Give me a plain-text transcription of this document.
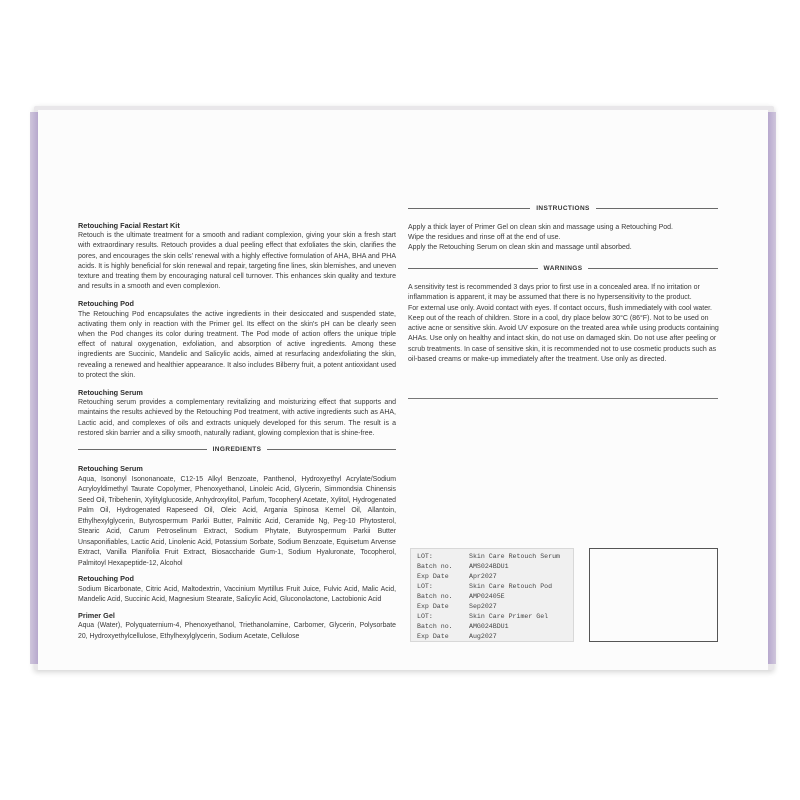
Retouching Facial Restart Kit
Retouch is the ultimate treatment for a smooth and radiant complexion, giving your skin a fresh start with extraordinary results. Retouch provides a dual peeling effect that exfoliates the skin, clarifies the pores, and encourages the skin cells' renewal with a highly effective formulation of AHA, BHA and PHA acids. It is highly beneficial for skin renewal and repair, targeting fine lines, skin blemishes, and uneven texture and treating them by encouraging natural cell turnover. This enhances skin quality and texture and results in a smooth and even complexion.
Retouching Pod
The Retouching Pod encapsulates the active ingredients in their desiccated and suspended state, activating them only in reaction with the Primer gel. Its effect on the skin's pH can be clearly seen when the Pod changes its color during treatment. The Pod mode of action offers the unique triple effect of natural oxygenation, exfoliation, and absorption of active ingredients. Among these ingredients are Succinic, Mandelic and Salicylic acids, aimed at resurfacing andexfoliating the skin, revealing a renewed and healthier appearance. It also includes Bilberry fruit, a potent antioxidant used to protect the skin.
Retouching Serum
Retouching serum provides a complementary revitalizing and moisturizing effect that supports and maintains the results achieved by the Retouching Pod treatment, with active ingredients such as AHA, Lactic acid, and complexes of oils and extracts uniquely developed for this serum. The result is a restored skin barrier and a silky smooth, naturally radiant, glowing complexion that is shine-free.
INGREDIENTS
Retouching Serum
Aqua, Isononyl Isononanoate, C12-15 Alkyl Benzoate, Panthenol, Hydroxyethyl Acrylate/Sodium Acryloyldimethyl Taurate Copolymer, Phenoxyethanol, Linoleic Acid, Glycerin, Simmondsia Chinensis Seed Oil, Tribehenin, Xylitylglucoside, Anhydroxylitol, Parfum, Tocopheryl Acetate, Xylitol, Hydrogenated Palm Oil, Hydrogenated Rapeseed Oil, Oleic Acid, Argania Spinosa Kernel Oil, Allantoin, Ethylhexylglycerin, Butyrospermum Parkii Butter, Palmitic Acid, Ceramide Ng, Peg-10 Phytosterol, Stearic Acid, Carum Petroselinum Extract, Sodium Phytate, Butyrospermum Parkii Butter Unsaponifiables, Lactic Acid, Linolenic Acid, Potassium Sorbate, Sodium Benzoate, Equisetum Arvense Extract, Vanilla Planifolia Fruit Extract, Biosaccharide Gum-1, Sodium Hyaluronate, Tocopherol, Palmitoyl Hexapeptide-12, Alcohol
Retouching Pod
Sodium Bicarbonate, Citric Acid, Maltodextrin, Vaccinium Myrtillus Fruit Juice, Fulvic Acid, Malic Acid, Mandelic Acid, Succinic Acid, Magnesium Stearate, Salicylic Acid, Gluconolactone, Lactobionic Acid
Primer Gel
Aqua (Water), Polyquaternium-4, Phenoxyethanol, Triethanolamine, Carbomer, Glycerin, Polysorbate 20, Hydroxyethylcellulose, Ethylhexylglycerin, Sodium Acetate, Cellulose
INSTRUCTIONS
Apply a thick layer of Primer Gel on clean skin and massage using a Retouching Pod.
Wipe the residues and rinse off at the end of use.
Apply the Retouching Serum on clean skin and massage until absorbed.
WARNINGS
A sensitivity test is recommended 3 days prior to first use in a concealed area. If no irritation or inflammation is apparent, it may be assumed that there is no hypersensitivity to the product.
For external use only. Avoid contact with eyes. If contact occurs, flush immediately with cool water. Keep out of the reach of children. Store in a cool, dry place below 30°C (86°F). Not to be used on active acne or sensitive skin. Avoid UV exposure on the treated area while using products containing AHAs. Use only on healthy and intact skin, do not use on damaged skin. Do not use after peeling or scrub treatments. In case of sensitive skin, it is recommended not to use cosmetic products such as oil-based creams or make-up immediately after the treatment. Use only as directed.
LOT:	Skin Care Retouch Serum
Batch no. AMS024BDU1
Exp Date	Apr2027
LOT:	Skin Care Retouch Pod
Batch no. AMP02405E
Exp Date	Sep2027
LOT:	Skin Care Primer Gel
Batch no. AMG024BDU1
Exp Date	Aug2027
